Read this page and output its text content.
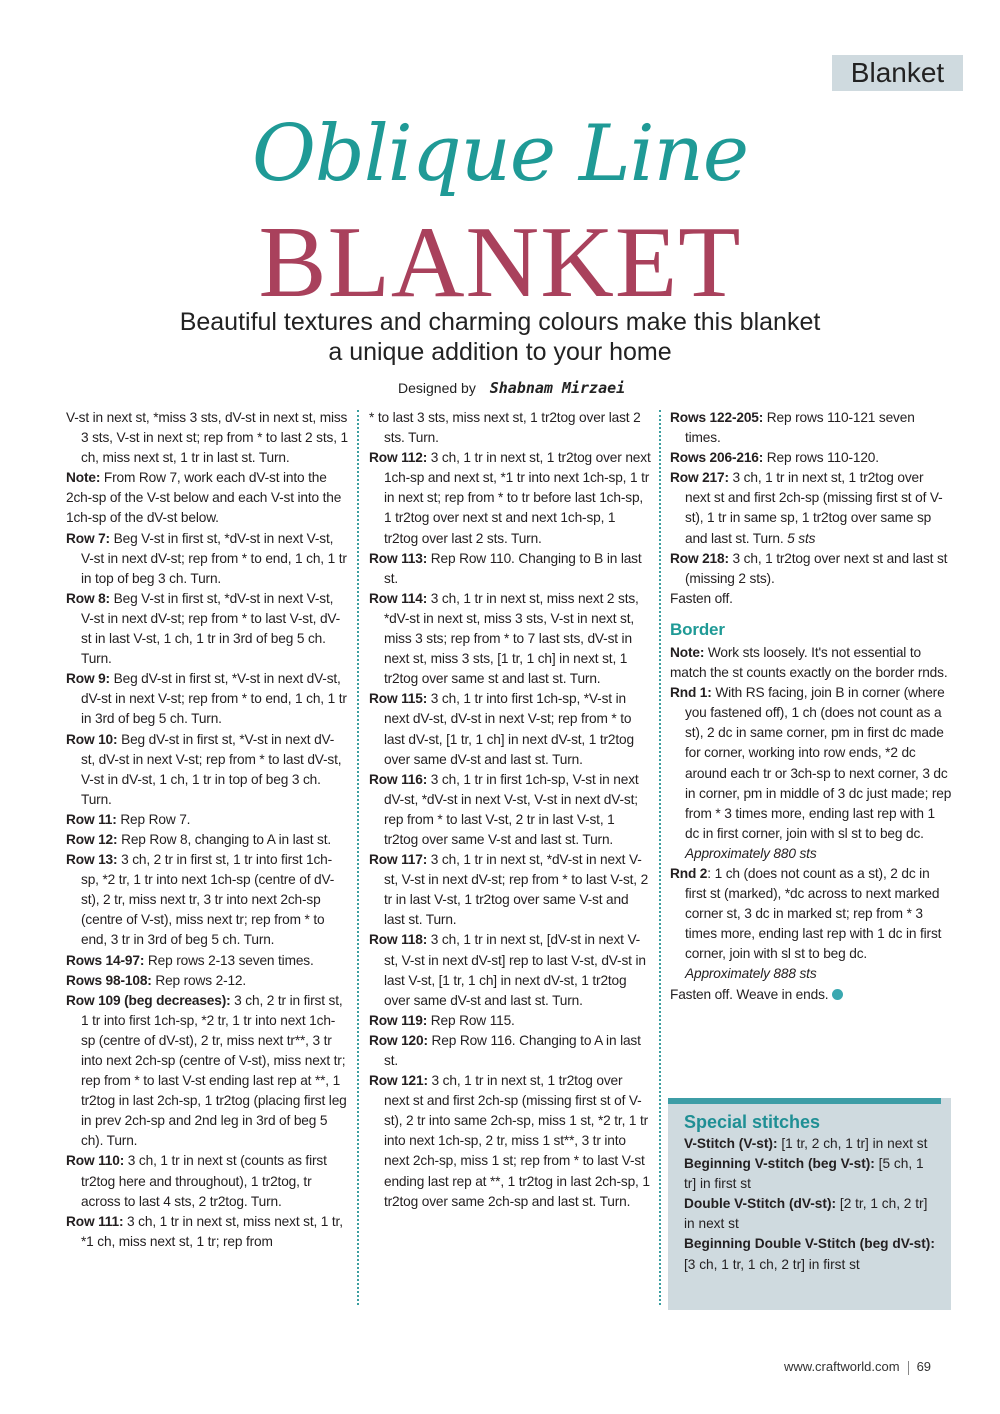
Blanket
Oblique Line
BLANKET
Beautiful textures and charming colours make this blanket
a unique addition to your home
Designed by Shabnam Mirzaei

V-st in next st, *miss 3 sts, dV-st in next st, miss 3 sts, V-st in next st; rep from * to last 2 sts, 1 ch, miss next st, 1 tr in last st. Turn.

Note: From Row 7, work each dV-st into the 2ch-sp of the V-st below and each V-st into the 1ch-sp of the dV-st below.

Row 7: Beg V-st in first st, *dV-st in next V-st, V-st in next dV-st; rep from * to end, 1 ch, 1 tr in top of beg 3 ch. Turn.

Row 8: Beg V-st in first st, *dV-st in next V-st, V-st in next dV-st; rep from * to last V-st, dV-st in last V-st, 1 ch, 1 tr in 3rd of beg 5 ch. Turn.

Row 9: Beg dV-st in first st, *V-st in next dV-st, dV-st in next V-st; rep from * to end, 1 ch, 1 tr in 3rd of beg 5 ch. Turn.

Row 10: Beg dV-st in first st, *V-st in next dV-st, dV-st in next V-st; rep from * to last dV-st, V-st in dV-st, 1 ch, 1 tr in top of beg 3 ch. Turn.

Row 11: Rep Row 7.

Row 12: Rep Row 8, changing to A in last st.

Row 13: 3 ch, 2 tr in first st, 1 tr into first 1ch-sp, *2 tr, 1 tr into next 1ch-sp (centre of dV-st), 2 tr, miss next tr, 3 tr into next 2ch-sp (centre of V-st), miss next tr; rep from * to end, 3 tr in 3rd of beg 5 ch. Turn.

Rows 14-97: Rep rows 2-13 seven times.

Rows 98-108: Rep rows 2-12.

Row 109 (beg decreases): 3 ch, 2 tr in first st, 1 tr into first 1ch-sp, *2 tr, 1 tr into next 1ch-sp (centre of dV-st), 2 tr, miss next tr**, 3 tr into next 2ch-sp (centre of V-st), miss next tr; rep from * to last V-st ending last rep at **, 1 tr2tog in last 2ch-sp, 1 tr2tog (placing first leg in prev 2ch-sp and 2nd leg in 3rd of beg 5 ch). Turn.

Row 110: 3 ch, 1 tr in next st (counts as first tr2tog here and throughout), 1 tr2tog, tr across to last 4 sts, 2 tr2tog. Turn.

Row 111: 3 ch, 1 tr in next st, miss next st, 1 tr, *1 ch, miss next st, 1 tr; rep from

* to last 3 sts, miss next st, 1 tr2tog over last 2 sts. Turn.

Row 112: 3 ch, 1 tr in next st, 1 tr2tog over next 1ch-sp and next st, *1 tr into next 1ch-sp, 1 tr in next st; rep from * to tr before last 1ch-sp, 1 tr2tog over next st and next 1ch-sp, 1 tr2tog over last 2 sts. Turn.

Row 113: Rep Row 110. Changing to B in last st.

Row 114: 3 ch, 1 tr in next st, miss next 2 sts, *dV-st in next st, miss 3 sts, V-st in next st, miss 3 sts; rep from * to 7 last sts, dV-st in next st, miss 3 sts, [1 tr, 1 ch] in next st, 1 tr2tog over same st and last st. Turn.

Row 115: 3 ch, 1 tr into first 1ch-sp, *V-st in next dV-st, dV-st in next V-st; rep from * to last dV-st, [1 tr, 1 ch] in next dV-st, 1 tr2tog over same dV-st and last st. Turn.

Row 116: 3 ch, 1 tr in first 1ch-sp, V-st in next dV-st, *dV-st in next V-st, V-st in next dV-st; rep from * to last V-st, 2 tr in last V-st, 1 tr2tog over same V-st and last st. Turn.

Row 117: 3 ch, 1 tr in next st, *dV-st in next V-st, V-st in next dV-st; rep from * to last V-st, 2 tr in last V-st, 1 tr2tog over same V-st and last st. Turn.

Row 118: 3 ch, 1 tr in next st, [dV-st in next V-st, V-st in next dV-st] rep to last V-st, dV-st in last V-st, [1 tr, 1 ch] in next dV-st, 1 tr2tog over same dV-st and last st. Turn.

Row 119: Rep Row 115.

Row 120: Rep Row 116. Changing to A in last st.

Row 121: 3 ch, 1 tr in next st, 1 tr2tog over next st and first 2ch-sp (missing first st of V-st), 2 tr into same 2ch-sp, miss 1 st, *2 tr, 1 tr into next 1ch-sp, 2 tr, miss 1 st**, 3 tr into next 2ch-sp, miss 1 st; rep from * to last V-st ending last rep at **, 1 tr2tog in last 2ch-sp, 1 tr2tog over same 2ch-sp and last st. Turn.

Rows 122-205: Rep rows 110-121 seven times.

Rows 206-216: Rep rows 110-120.

Row 217: 3 ch, 1 tr in next st, 1 tr2tog over next st and first 2ch-sp (missing first st of V-st), 1 tr in same sp, 1 tr2tog over same sp and last st. Turn. 5 sts

Row 218: 3 ch, 1 tr2tog over next st and last st (missing 2 sts).

Fasten off.

Border

Note: Work sts loosely. It's not essential to match the st counts exactly on the border rnds.

Rnd 1: With RS facing, join B in corner (where you fastened off), 1 ch (does not count as a st), 2 dc in same corner, pm in first dc made for corner, working into row ends, *2 dc around each tr or 3ch-sp to next corner, 3 dc in corner, pm in middle of 3 dc just made; rep from * 3 times more, ending last rep with 1 dc in first corner, join with sl st to beg dc. Approximately 880 sts

Rnd 2: 1 ch (does not count as a st), 2 dc in first st (marked), *dc across to next marked corner st, 3 dc in marked st; rep from * 3 times more, ending last rep with 1 dc in first corner, join with sl st to beg dc. Approximately 888 sts

Fasten off. Weave in ends.

Special stitches

V-Stitch (V-st): [1 tr, 2 ch, 1 tr] in next st

Beginning V-stitch (beg V-st): [5 ch, 1 tr] in first st

Double V-Stitch (dV-st): [2 tr, 1 ch, 2 tr] in next st

Beginning Double V-Stitch (beg dV-st): [3 ch, 1 tr, 1 ch, 2 tr] in first st

www.craftworld.com 69
